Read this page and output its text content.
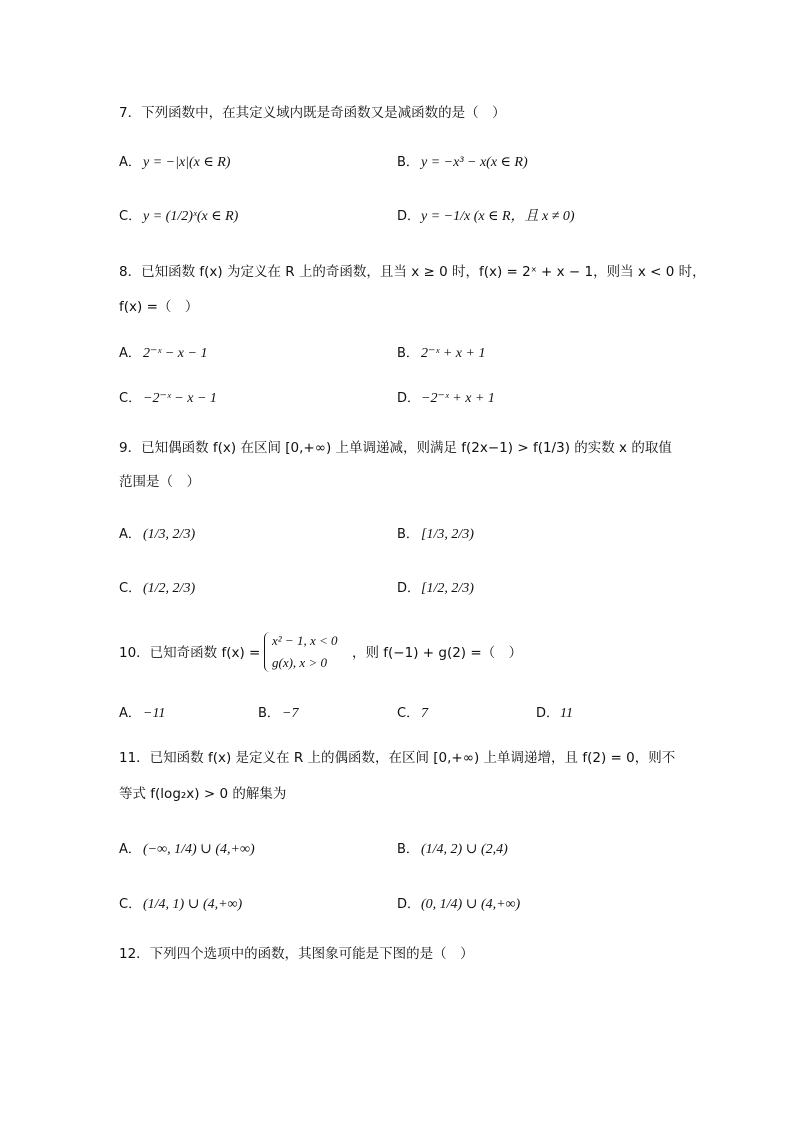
7．下列函数中，在其定义域内既是奇函数又是减函数的是（　）
A． y = −|x|(x ∈ R)	B． y = −x³ − x(x ∈ R)
C． y = (1/2)ˣ(x ∈ R)	D．y = −1/x (x ∈ R，且 x ≠ 0)
8．已知函数 f(x) 为定义在 R 上的奇函数，且当 x ≥ 0 时，f(x) = 2ˣ + x − 1，则当 x < 0 时，
f(x) =（　）
A． 2⁻ˣ − x − 1	B． 2⁻ˣ + x + 1
C． −2⁻ˣ − x − 1	D．−2⁻ˣ + x + 1
9．已知偶函数 f(x) 在区间 [0,+∞) 上单调递减，则满足 f(2x−1) > f(1/3) 的实数 x 的取值
范围是（　）
A． (1/3, 2/3)	B． [1/3, 2/3)
C． (1/2, 2/3)	D．[1/2, 2/3)
10．已知奇函数 f(x) =
x² − 1, x < 0
g(x), x > 0
，则 f(−1) + g(2) =（　）
A． −11	B． −7	C． 7	D．11
11．已知函数 f(x) 是定义在 R 上的偶函数，在区间 [0,+∞) 上单调递增，且 f(2) = 0，则不
等式 f(log₂x) > 0 的解集为
A． (−∞, 1/4) ∪ (4,+∞)	B． (1/4, 2) ∪ (2,4)
C． (1/4, 1) ∪ (4,+∞)	D．(0, 1/4) ∪ (4,+∞)
12．下列四个选项中的函数，其图象可能是下图的是（　）
